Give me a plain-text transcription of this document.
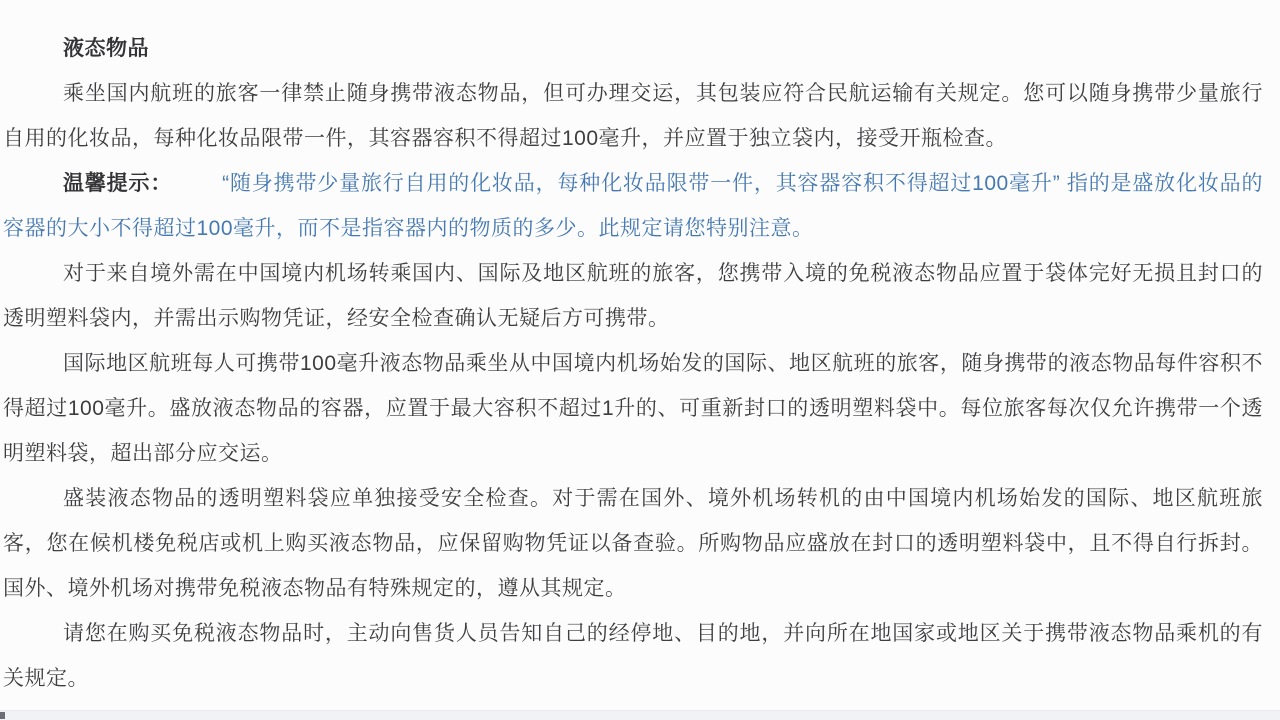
液态物品

乘坐国内航班的旅客一律禁止随身携带液态物品，但可办理交运，其包装应符合民航运输有关规定。您可以随身携带少量旅行自用的化妆品，每种化妆品限带一件，其容器容积不得超过100毫升，并应置于独立袋内，接受开瓶检查。

温馨提示： “随身携带少量旅行自用的化妆品，每种化妆品限带一件，其容器容积不得超过100毫升” 指的是盛放化妆品的容器的大小不得超过100毫升，而不是指容器内的物质的多少。此规定请您特别注意。

对于来自境外需在中国境内机场转乘国内、国际及地区航班的旅客，您携带入境的免税液态物品应置于袋体完好无损且封口的透明塑料袋内，并需出示购物凭证，经安全检查确认无疑后方可携带。

国际地区航班每人可携带100毫升液态物品乘坐从中国境内机场始发的国际、地区航班的旅客，随身携带的液态物品每件容积不得超过100毫升。盛放液态物品的容器，应置于最大容积不超过1升的、可重新封口的透明塑料袋中。每位旅客每次仅允许携带一个透明塑料袋，超出部分应交运。

盛装液态物品的透明塑料袋应单独接受安全检查。对于需在国外、境外机场转机的由中国境内机场始发的国际、地区航班旅客，您在候机楼免税店或机上购买液态物品，应保留购物凭证以备查验。所购物品应盛放在封口的透明塑料袋中，且不得自行拆封。国外、境外机场对携带免税液态物品有特殊规定的，遵从其规定。

请您在购买免税液态物品时，主动向售货人员告知自己的经停地、目的地，并向所在地国家或地区关于携带液态物品乘机的有关规定。
